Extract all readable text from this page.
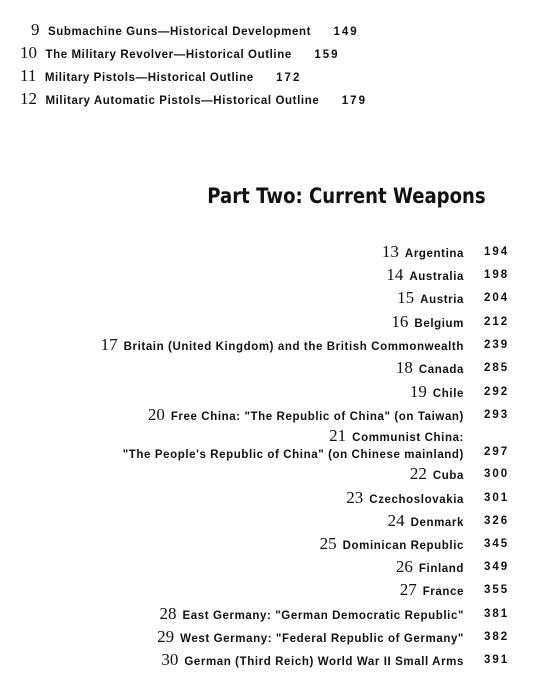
9 Submachine Guns—Historical Development 149
10 The Military Revolver—Historical Outline 159
11 Military Pistols—Historical Outline 172
12 Military Automatic Pistols—Historical Outline 179
Part Two: Current Weapons
13 Argentina 194
14 Australia 198
15 Austria 204
16 Belgium 212
17 Britain (United Kingdom) and the British Commonwealth 239
18 Canada 285
19 Chile 292
20 Free China: "The Republic of China" (on Taiwan) 293
21 Communist China:
"The People's Republic of China" (on Chinese mainland) 297
22 Cuba 300
23 Czechoslovakia 301
24 Denmark 326
25 Dominican Republic 345
26 Finland 349
27 France 355
28 East Germany: "German Democratic Republic" 381
29 West Germany: "Federal Republic of Germany" 382
30 German (Third Reich) World War II Small Arms 391
